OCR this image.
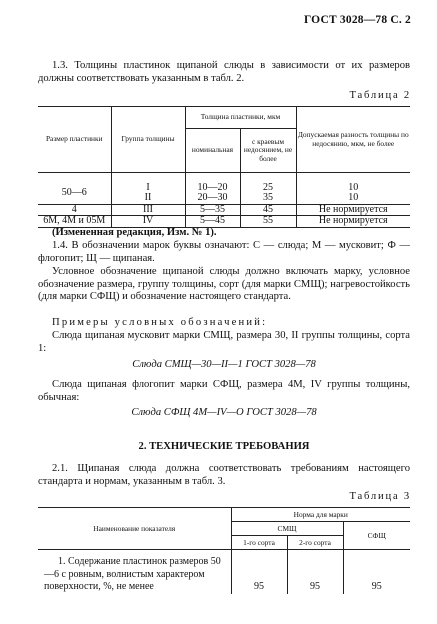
ГОСТ 3028—78 С. 2
1.3. Толщины пластинок щипаной слюды в зависимости от их размеров должны соответствовать указанным в табл. 2.
Таблица 2
Размер пластинки	Группа толщины	Толщина пластинки, мкм		Допускаемая разность толщины по недосянию, мкм, не более
		номинальная	с краевым недосянием, не более	

50—6	I	10—20	25	10
	II	20—30	35	10
4	III	5—35	45	Не нормируется
6М, 4М и 05М	IV	5—45	55	Не нормируется
(Измененная редакция, Изм. № 1).
1.4. В обозначении марок буквы означают: С — слюда; М — мусковит; Ф — флогопит; Щ — щипаная.
Условное обозначение щипаной слюды должно включать марку, условное обозначение размера, группу толщины, сорт (для марки СМЩ); нагревостойкость (для марки СФЩ) и обозначение настоящего стандарта.
Примеры условных обозначений:
Слюда щипаная мусковит марки СМЩ, размера 30, II группы толщины, сорта 1:
Слюда СМЩ—30—II—1 ГОСТ 3028—78
Слюда щипаная флогопит марки СФЩ, размера 4М, IV группы толщины, обычная:
Слюда СФЩ 4М—IV—О ГОСТ 3028—78
2. ТЕХНИЧЕСКИЕ ТРЕБОВАНИЯ
2.1. Щипаная слюда должна соответствовать требованиям настоящего стандарта и нормам, указанным в табл. 3.
Таблица 3
Наименование показателя	Норма для марки		
	СМЩ		СФЩ
	1-го сорта	2-го сорта	
1. Содержание пластинок размеров 50—6 с ровным, волнистым характером поверхности, %, не менее	95	95	95
